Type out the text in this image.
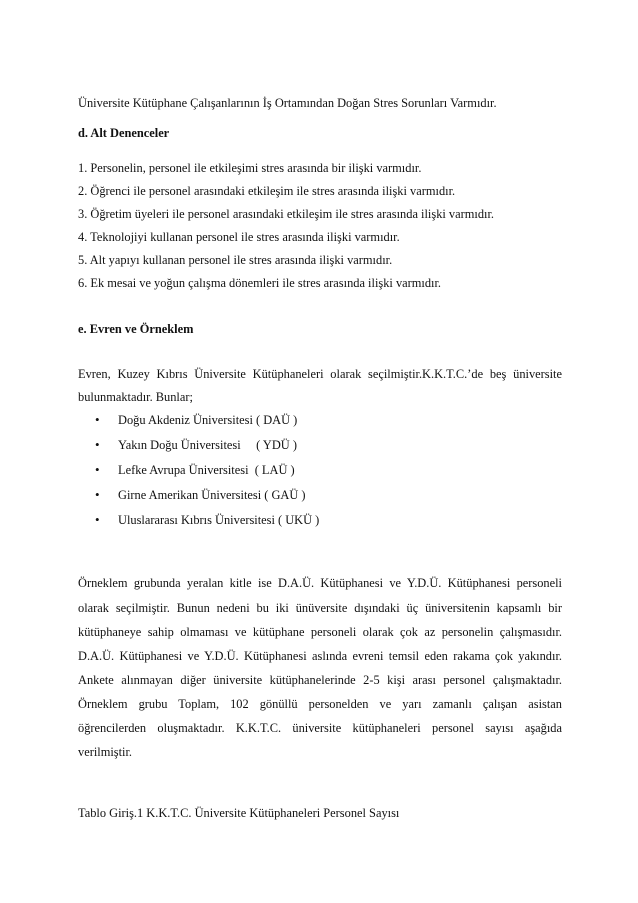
Üniversite Kütüphane Çalışanlarının İş Ortamından Doğan Stres Sorunları Varmıdır.
d. Alt Denenceler
1. Personelin, personel ile etkileşimi stres arasında bir ilişki varmıdır.
2. Öğrenci ile personel arasındaki etkileşim ile stres arasında ilişki varmıdır.
3. Öğretim üyeleri ile personel arasındaki etkileşim ile stres arasında ilişki varmıdır.
4. Teknolojiyi kullanan personel ile stres arasında ilişki varmıdır.
5. Alt yapıyı kullanan personel ile stres arasında ilişki varmıdır.
6. Ek mesai ve yoğun çalışma dönemleri ile stres arasında ilişki varmıdır.
e. Evren ve Örneklem
Evren, Kuzey Kıbrıs Üniversite Kütüphaneleri olarak seçilmiştir.K.K.T.C.’de beş üniversite
bulunmaktadır. Bunlar;
• Doğu Akdeniz Üniversitesi ( DAÜ )
• Yakın Doğu Üniversitesi     ( YDÜ )
• Lefke Avrupa Üniversitesi  ( LAÜ )
• Girne Amerikan Üniversitesi ( GAÜ )
• Uluslararası Kıbrıs Üniversitesi ( UKÜ )
Örneklem grubunda yeralan kitle ise D.A.Ü. Kütüphanesi ve Y.D.Ü. Kütüphanesi personeli
olarak seçilmiştir. Bunun nedeni bu iki ünüversite dışındaki üç üniversitenin kapsamlı bir
kütüphaneye sahip olmaması ve kütüphane personeli olarak çok az personelin çalışmasıdır.
D.A.Ü. Kütüphanesi ve Y.D.Ü. Kütüphanesi aslında evreni temsil eden rakama çok yakındır.
Ankete alınmayan diğer üniversite kütüphanelerinde 2-5 kişi arası personel çalışmaktadır.
Örneklem grubu Toplam, 102 gönüllü personelden ve yarı zamanlı çalışan asistan
öğrencilerden oluşmaktadır. K.K.T.C. üniversite kütüphaneleri personel sayısı aşağıda
verilmiştir.
Tablo Giriş.1 K.K.T.C. Üniversite Kütüphaneleri Personel Sayısı
